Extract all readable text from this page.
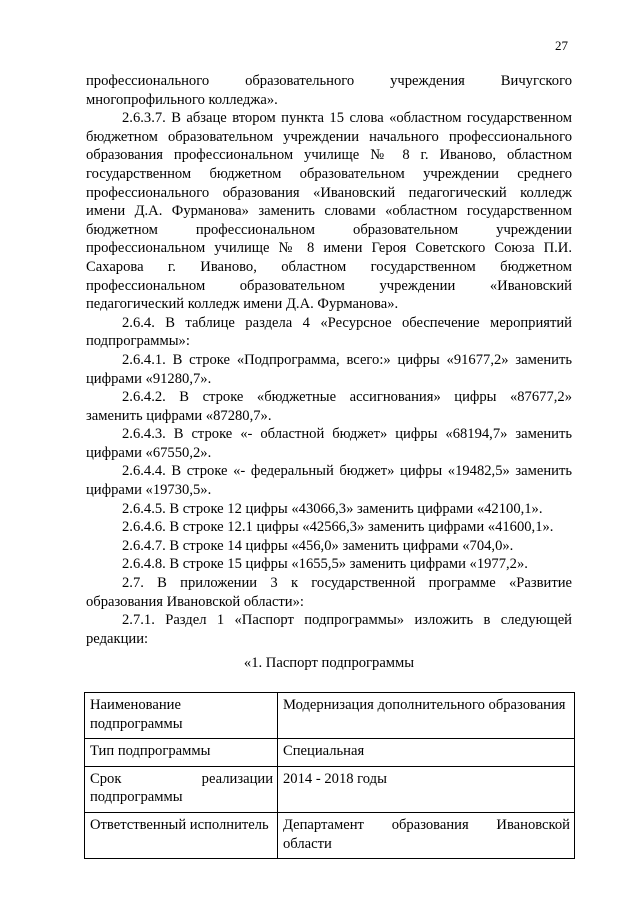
27

профессионального образовательного учреждения Вичугского многопрофильного колледжа».

2.6.3.7. В абзаце втором пункта 15 слова «областном государственном бюджетном образовательном учреждении начального профессионального образования профессиональном училище № 8 г. Иваново, областном государственном бюджетном образовательном учреждении среднего профессионального образования «Ивановский педагогический колледж имени Д.А. Фурманова» заменить словами «областном государственном бюджетном профессиональном образовательном учреждении профессиональном училище № 8 имени Героя Советского Союза П.И. Сахарова г. Иваново, областном государственном бюджетном профессиональном образовательном учреждении «Ивановский педагогический колледж имени Д.А. Фурманова».

2.6.4. В таблице раздела 4 «Ресурсное обеспечение мероприятий подпрограммы»:

2.6.4.1. В строке «Подпрограмма, всего:» цифры «91677,2» заменить цифрами «91280,7».

2.6.4.2. В строке «бюджетные ассигнования» цифры «87677,2» заменить цифрами «87280,7».

2.6.4.3. В строке «- областной бюджет» цифры «68194,7» заменить цифрами «67550,2».

2.6.4.4. В строке «- федеральный бюджет» цифры «19482,5» заменить цифрами «19730,5».

2.6.4.5. В строке 12 цифры «43066,3» заменить цифрами «42100,1».

2.6.4.6. В строке 12.1 цифры «42566,3» заменить цифрами «41600,1».

2.6.4.7. В строке 14 цифры «456,0» заменить цифрами «704,0».

2.6.4.8. В строке 15 цифры «1655,5» заменить цифрами «1977,2».

2.7. В приложении 3 к государственной программе «Развитие образования Ивановской области»:

2.7.1. Раздел 1 «Паспорт подпрограммы» изложить в следующей редакции:

«1. Паспорт подпрограммы

Наименование подпрограммы	Модернизация дополнительного образования
Тип подпрограммы	Специальная
Срок реализации подпрограммы	2014 - 2018 годы
Ответственный исполнитель	Департамент образования Ивановской области
